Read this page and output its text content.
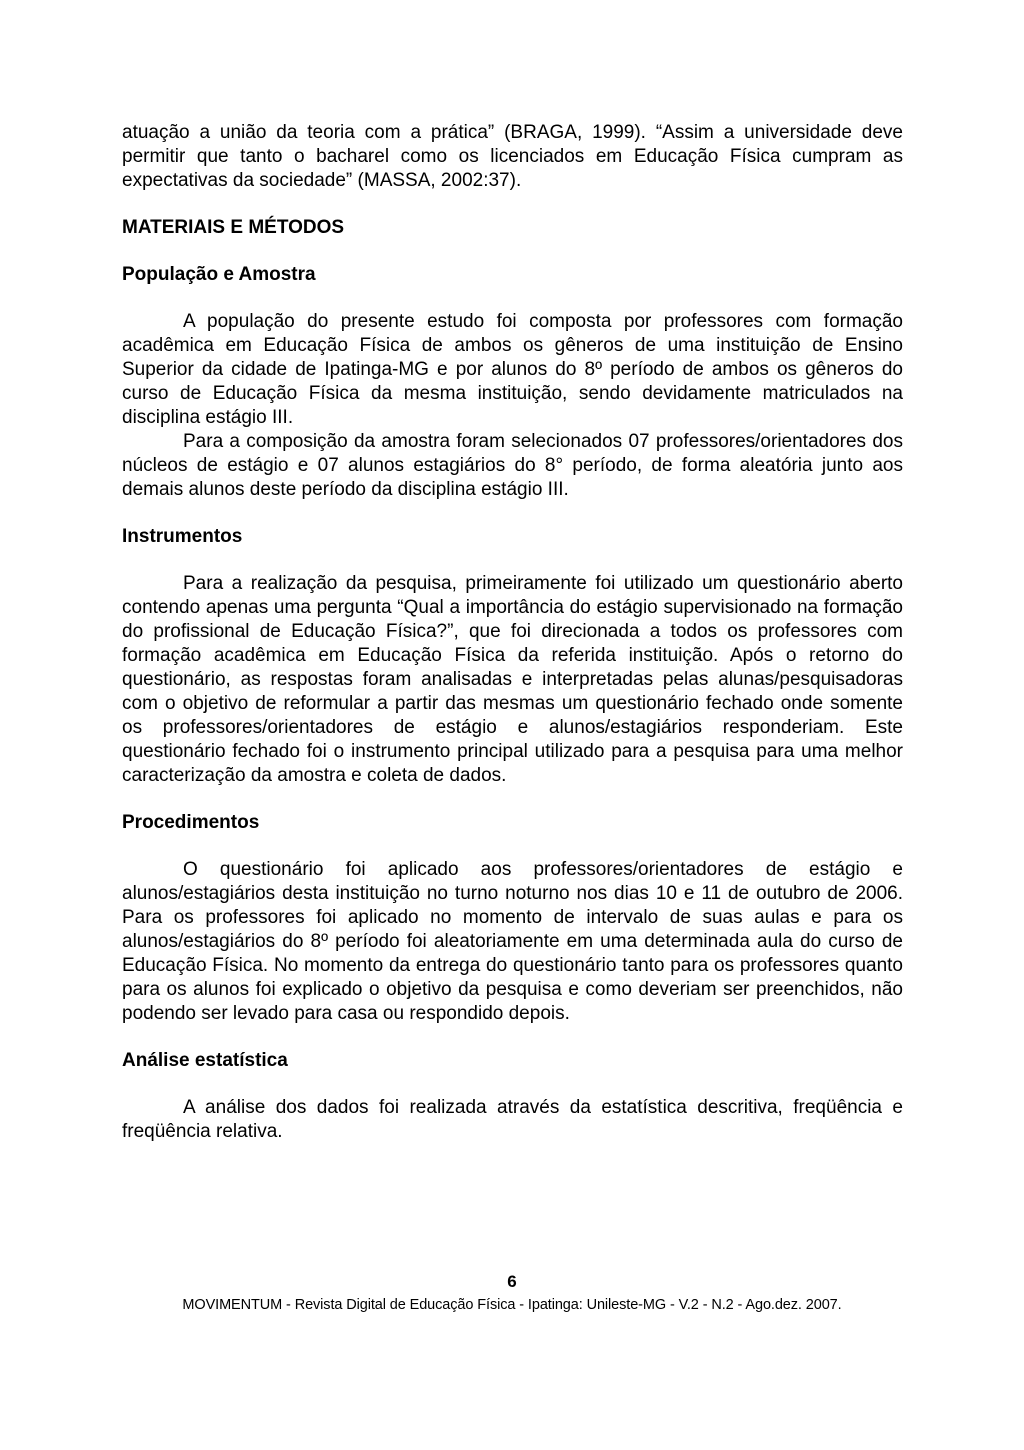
atuação a união da teoria com a prática” (BRAGA, 1999). “Assim a universidade deve permitir que tanto o bacharel como os licenciados em Educação Física cumpram as expectativas da sociedade” (MASSA, 2002:37).

MATERIAIS E MÉTODOS
População e Amostra

A população do presente estudo foi composta por professores com formação acadêmica em Educação Física de ambos os gêneros de uma instituição de Ensino Superior da cidade de Ipatinga-MG e por alunos do 8º período de ambos os gêneros do curso de Educação Física da mesma instituição, sendo devidamente matriculados na disciplina estágio III.

Para a composição da amostra foram selecionados 07 professores/orientadores dos núcleos de estágio e 07 alunos estagiários do 8° período, de forma aleatória junto aos demais alunos deste período da disciplina estágio III.

Instrumentos

Para a realização da pesquisa, primeiramente foi utilizado um questionário aberto contendo apenas uma pergunta “Qual a importância do estágio supervisionado na formação do profissional de Educação Física?”, que foi direcionada a todos os professores com formação acadêmica em Educação Física da referida instituição. Após o retorno do questionário, as respostas foram analisadas e interpretadas pelas alunas/pesquisadoras com o objetivo de reformular a partir das mesmas um questionário fechado onde somente os professores/orientadores de estágio e alunos/estagiários responderiam. Este questionário fechado foi o instrumento principal utilizado para a pesquisa para uma melhor caracterização da amostra e coleta de dados.

Procedimentos

O questionário foi aplicado aos professores/orientadores de estágio e alunos/estagiários desta instituição no turno noturno nos dias 10 e 11 de outubro de 2006. Para os professores foi aplicado no momento de intervalo de suas aulas e para os alunos/estagiários do 8º período foi aleatoriamente em uma determinada aula do curso de Educação Física. No momento da entrega do questionário tanto para os professores quanto para os alunos foi explicado o objetivo da pesquisa e como deveriam ser preenchidos, não podendo ser levado para casa ou respondido depois.

Análise estatística

A análise dos dados foi realizada através da estatística descritiva, freqüência e freqüência relativa.

6
MOVIMENTUM - Revista Digital de Educação Física - Ipatinga: Unileste-MG - V.2 - N.2 - Ago.dez. 2007.
